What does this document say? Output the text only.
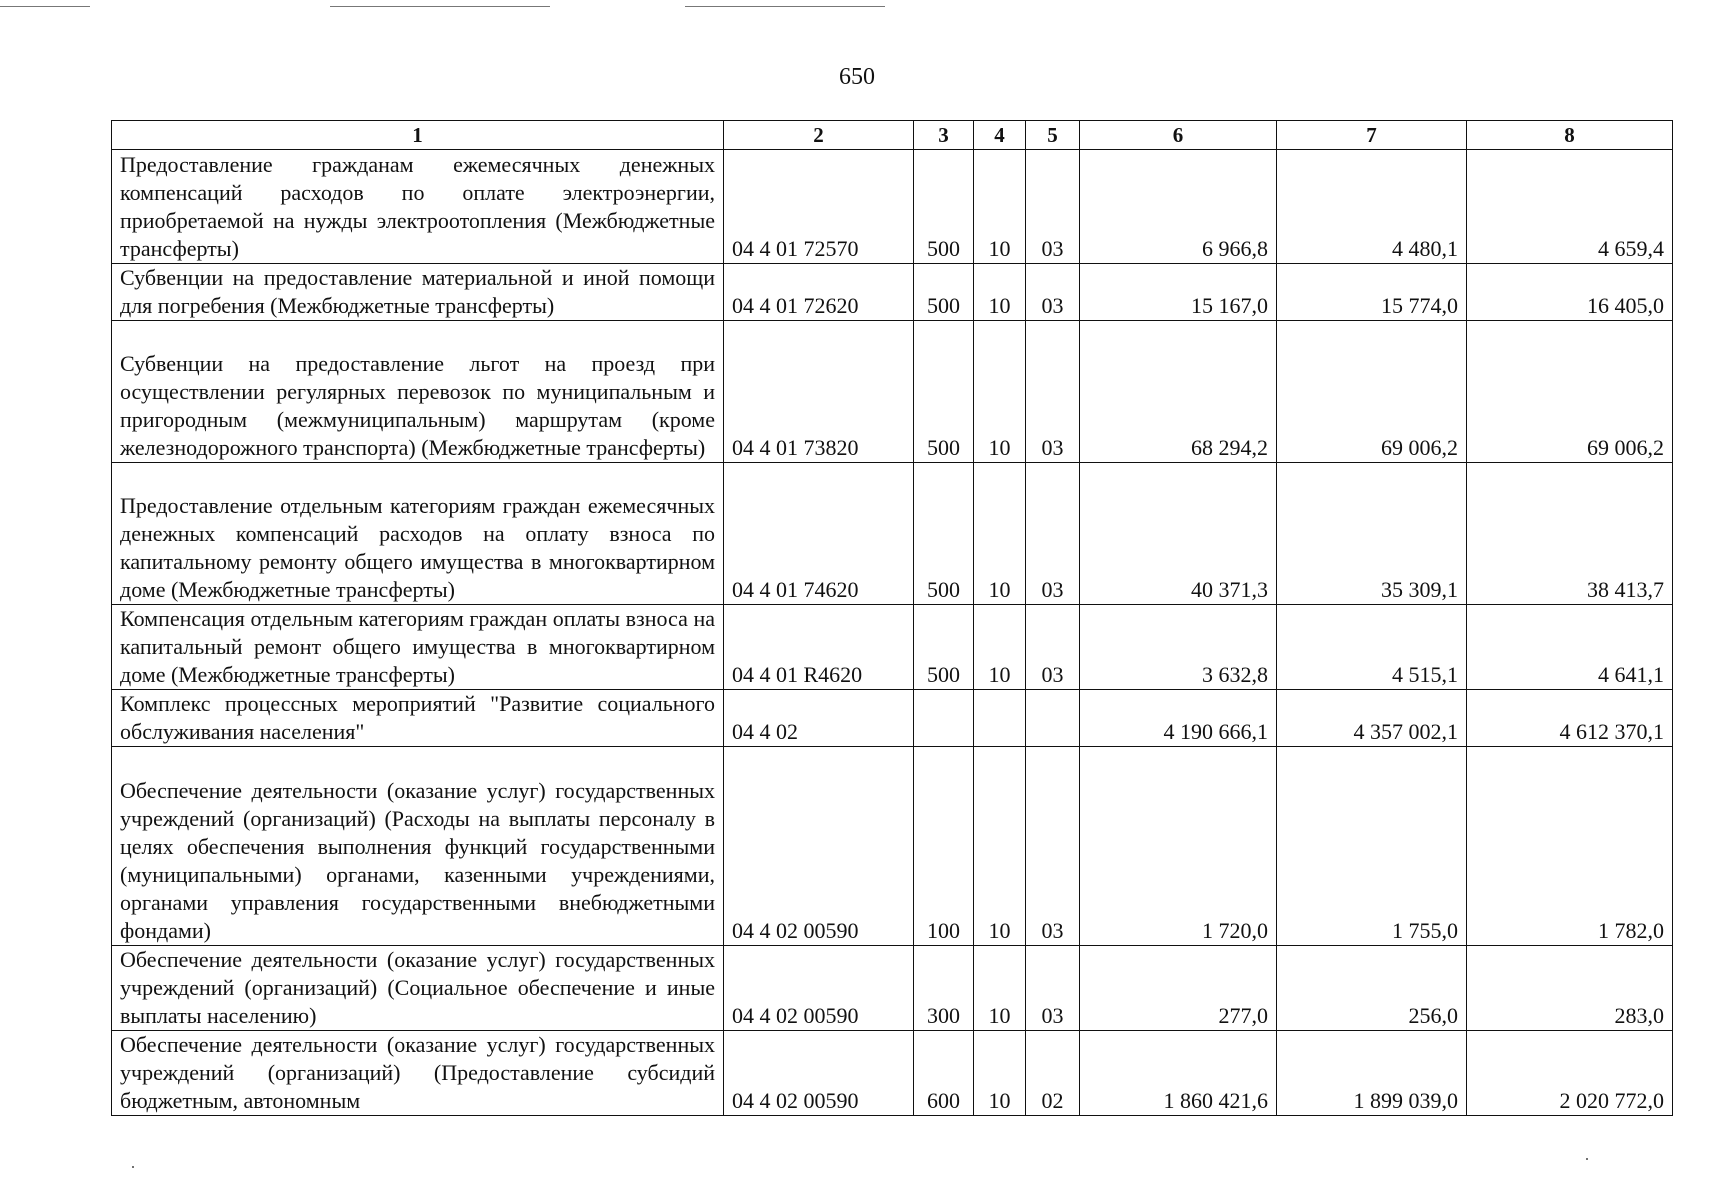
650
1	2	3	4	5	6	7	8
Предоставление гражданам ежемесячных денежных компенсаций расходов по оплате электроэнергии, приобретаемой на нужды электроотопления (Межбюджетные трансферты)	04 4 01 72570	500	10	03	6 966,8	4 480,1	4 659,4
Субвенции на предоставление материальной и иной помощи для погребения (Межбюджетные трансферты)	04 4 01 72620	500	10	03	15 167,0	15 774,0	16 405,0
Субвенции на предоставление льгот на проезд при осуществлении регулярных перевозок по муниципальным и пригородным (межмуниципальным) маршрутам (кроме железнодорожного транспорта) (Межбюджетные трансферты)	04 4 01 73820	500	10	03	68 294,2	69 006,2	69 006,2
Предоставление отдельным категориям граждан ежемесячных денежных компенсаций расходов на оплату взноса по капитальному ремонту общего имущества в многоквартирном доме (Межбюджетные трансферты)	04 4 01 74620	500	10	03	40 371,3	35 309,1	38 413,7
Компенсация отдельным категориям граждан оплаты взноса на капитальный ремонт общего имущества в многоквартирном доме (Межбюджетные трансферты)	04 4 01 R4620	500	10	03	3 632,8	4 515,1	4 641,1
Комплекс процессных мероприятий "Развитие социального обслуживания населения"	04 4 02				4 190 666,1	4 357 002,1	4 612 370,1
Обеспечение деятельности (оказание услуг) государственных учреждений (организаций) (Расходы на выплаты персоналу в целях обеспечения выполнения функций государственными (муниципальными) органами, казенными учреждениями, органами управления государственными внебюджетными фондами)	04 4 02 00590	100	10	03	1 720,0	1 755,0	1 782,0
Обеспечение деятельности (оказание услуг) государственных учреждений (организаций) (Социальное обеспечение и иные выплаты населению)	04 4 02 00590	300	10	03	277,0	256,0	283,0
Обеспечение деятельности (оказание услуг) государственных учреждений (организаций) (Предоставление субсидий бюджетным, автономным	04 4 02 00590	600	10	02	1 860 421,6	1 899 039,0	2 020 772,0
